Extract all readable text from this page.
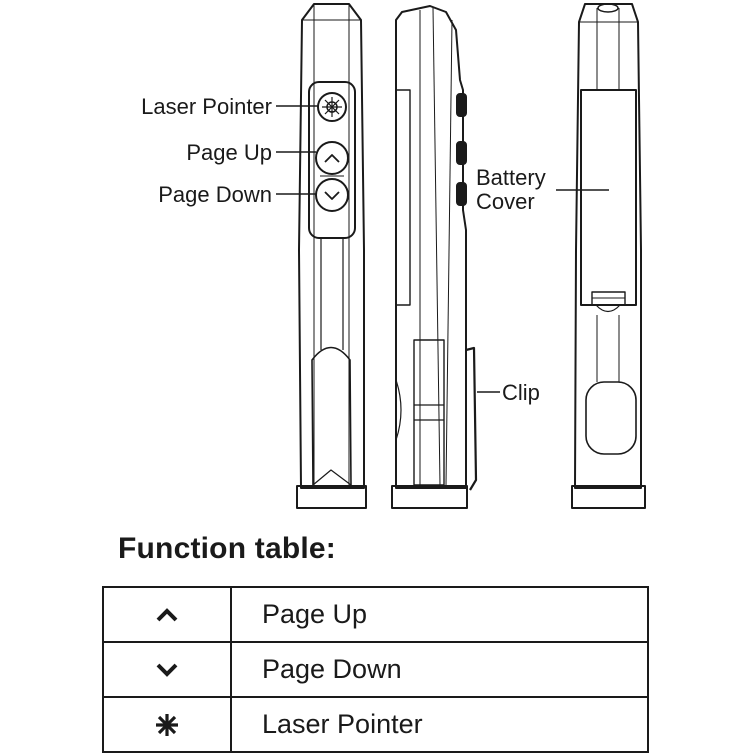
Laser Pointer
Page Up
Page Down
Battery
Cover
Clip
Function table:
	Page Up

	Page Down

	Laser Pointer
